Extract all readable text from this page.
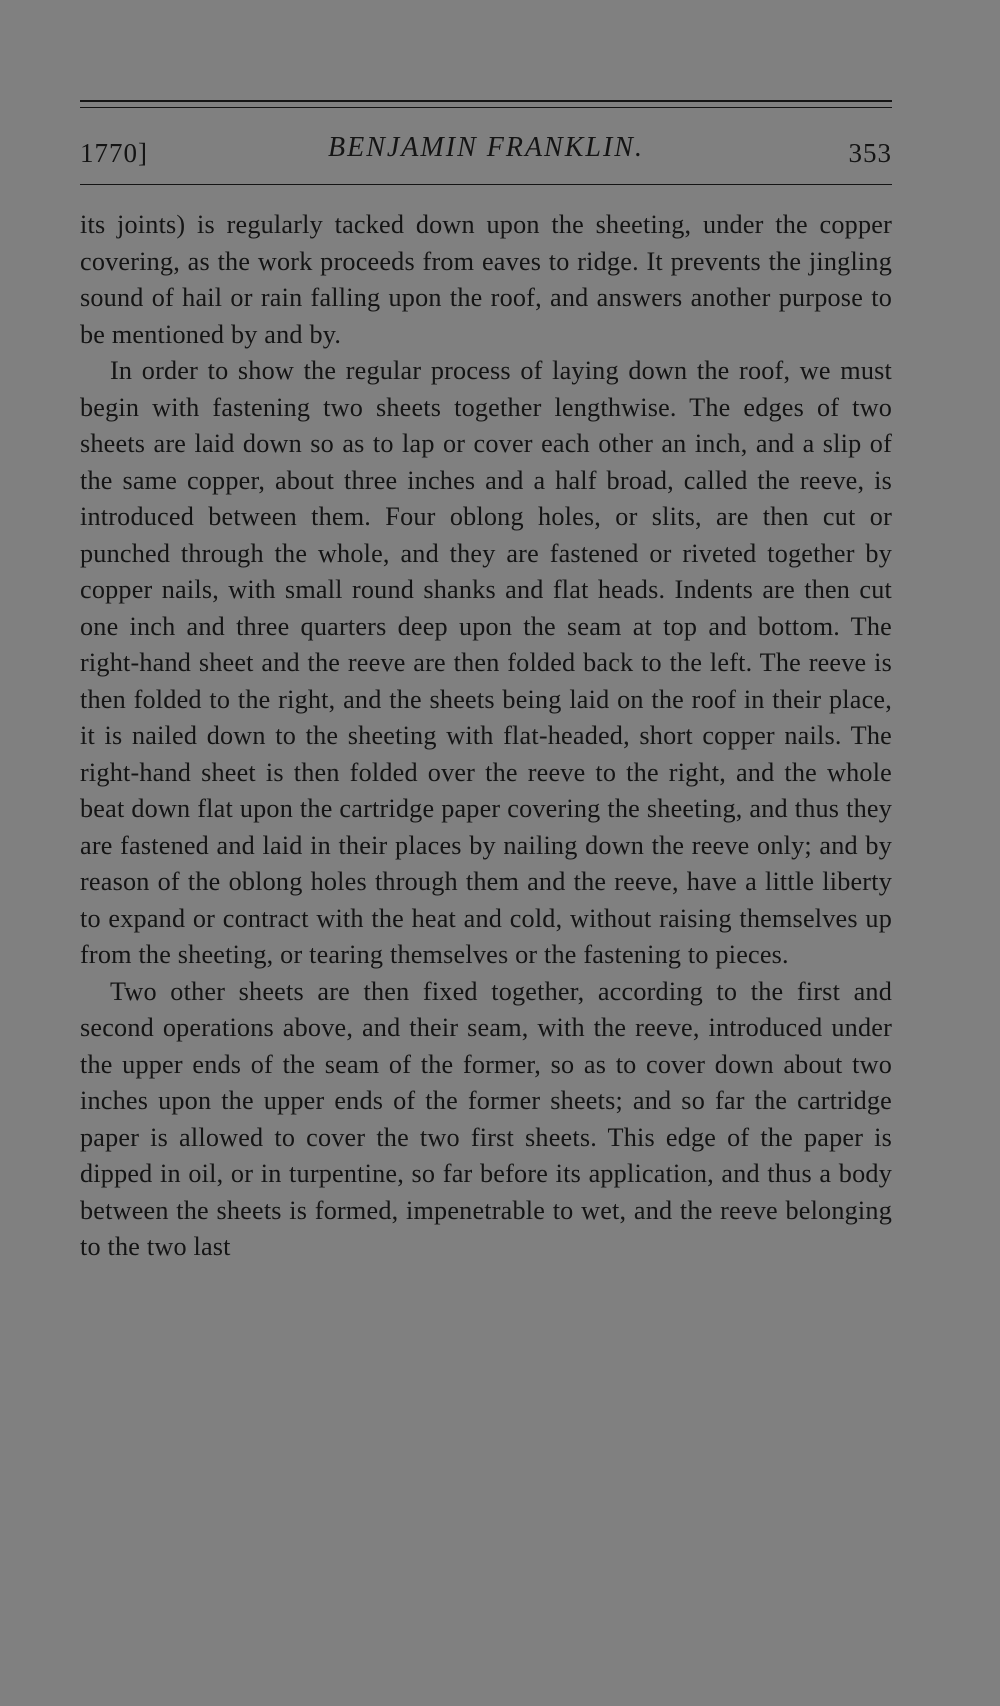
1770]	BENJAMIN FRANKLIN.	353

its joints) is regularly tacked down upon the sheeting, under the copper covering, as the work proceeds from eaves to ridge. It prevents the jingling sound of hail or rain falling upon the roof, and answers another purpose to be mentioned by and by.

In order to show the regular process of laying down the roof, we must begin with fastening two sheets together lengthwise. The edges of two sheets are laid down so as to lap or cover each other an inch, and a slip of the same copper, about three inches and a half broad, called the reeve, is introduced between them. Four oblong holes, or slits, are then cut or punched through the whole, and they are fastened or riveted together by copper nails, with small round shanks and flat heads. Indents are then cut one inch and three quarters deep upon the seam at top and bottom. The right-hand sheet and the reeve are then folded back to the left. The reeve is then folded to the right, and the sheets being laid on the roof in their place, it is nailed down to the sheeting with flat-headed, short copper nails. The right-hand sheet is then folded over the reeve to the right, and the whole beat down flat upon the cartridge paper covering the sheeting, and thus they are fastened and laid in their places by nailing down the reeve only; and by reason of the oblong holes through them and the reeve, have a little liberty to expand or contract with the heat and cold, without raising themselves up from the sheeting, or tearing themselves or the fastening to pieces.

Two other sheets are then fixed together, according to the first and second operations above, and their seam, with the reeve, introduced under the upper ends of the seam of the former, so as to cover down about two inches upon the upper ends of the former sheets; and so far the cartridge paper is allowed to cover the two first sheets. This edge of the paper is dipped in oil, or in turpentine, so far before its application, and thus a body between the sheets is formed, impenetrable to wet, and the reeve belonging to the two last
